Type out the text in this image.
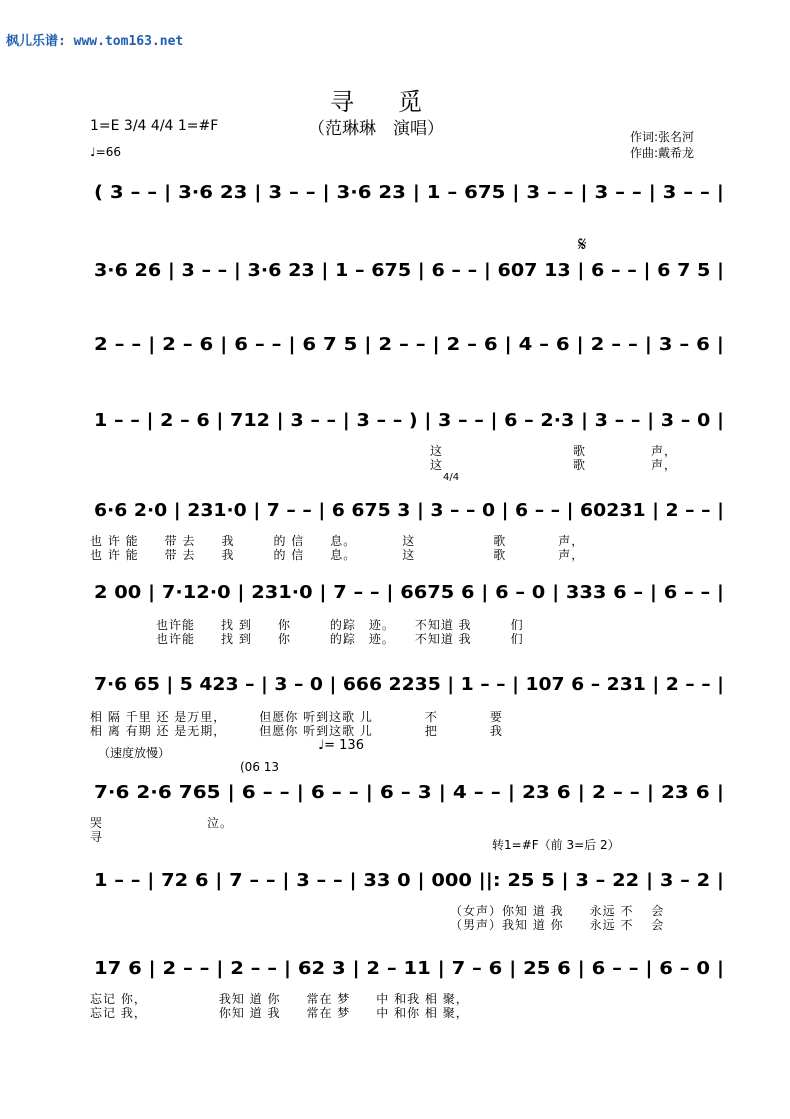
枫儿乐谱: www.tom163.net
寻觅
（范琳琳　演唱）
1=E 3/4 4/4 1=#F
♩=66
作词:张名河
作曲:戴希龙
( 3 – – | 3·6 23 | 3 – – | 3·6 23 | 1 – 675 | 3 – – | 3 – – | 3 – – |
3·6 26 | 3 – – | 3·6 23 | 1 – 675 | 6 – – | 607 13 | 6 – – | 6 7 5 |
𝄋
2 – – | 2 – 6 | 6 – – | 6 7 5 | 2 – – | 2 – 6 | 4 – 6 | 2 – – | 3 – 6 |
1 – – | 2 – 6 | 712 | 3 – – | 3 – – ) | 3 – – | 6 – 2·3 | 3 – – | 3 – 0 |
这　　　　　　　　　　歌　　　　　声，
这　　　　　　　　　　歌　　　　　声，
6·6 2·0 | 231·0 | 7 – – | 6 675 3 | 3 – – 0 | 6 – – | 60231 | 2 – – |
4/4
也 许 能　　带 去　　我　　　的 信　　息。　　　　这　　　　　　歌　　　　声，
也 许 能　　带 去　　我　　　的 信　　息。　　　　这　　　　　　歌　　　　声，
2 00 | 7·12·0 | 231·0 | 7 – – | 6675 6 | 6 – 0 | 333 6 – | 6 – – |
也许能　　找 到　　你　　　的踪　迹。　　不知道 我　　　们
也许能　　找 到　　你　　　的踪　迹。　　不知道 我　　　们
7·6 65 | 5 423 – | 3 – 0 | 666 2235 | 1 – – | 107 6 – 231 | 2 – – |
相 隔 千里 还 是万里，　　　但愿你 听到这歌 儿　　　　不　　　　要
相 离 有期 还 是无期，　　　但愿你 听到这歌 儿　　　　把　　　　我
（速度放慢）	♩= 136
(06 13
7·6 2·6 765 | 6 – – | 6 – – | 6 – 3 | 4 – – | 23 6 | 2 – – | 23 6 |
哭　　　　　　　　泣。
寻
转1=#F（前 3=后 2）
1 – – | 72 6 | 7 – – | 3 – – | 33 0 | 000 ||: 25 5 | 3 – 22 | 3 – 2 |
（女声）你知 道 我　　永远 不　 会
（男声）我知 道 你　　永远 不　 会
17 6 | 2 – – | 2 – – | 62 3 | 2 – 11 | 7 – 6 | 25 6 | 6 – – | 6 – 0 |
忘记 你，　　　　　　我知 道 你　　常在 梦　　中 和我 相 聚，
忘记 我，　　　　　　你知 道 我　　常在 梦　　中 和你 相 聚，
